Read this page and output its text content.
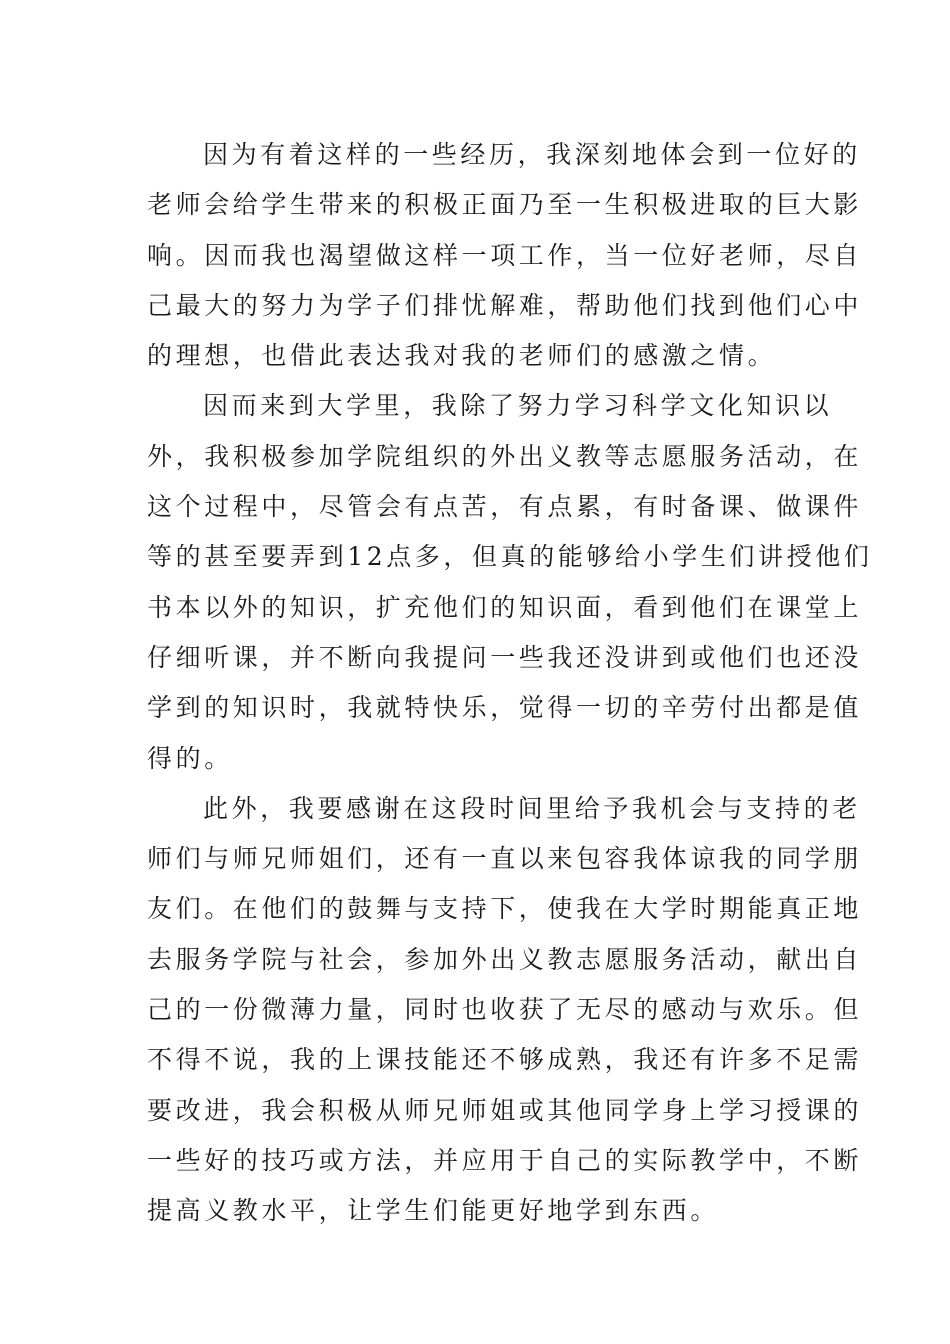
因为有着这样的一些经历，我深刻地体会到一位好的
老师会给学生带来的积极正面乃至一生积极进取的巨大影
响。因而我也渴望做这样一项工作，当一位好老师，尽自
己最大的努力为学子们排忧解难，帮助他们找到他们心中
的理想，也借此表达我对我的老师们的感激之情。
因而来到大学里，我除了努力学习科学文化知识以
外，我积极参加学院组织的外出义教等志愿服务活动，在
这个过程中，尽管会有点苦，有点累，有时备课、做课件
等的甚至要弄到12点多，但真的能够给小学生们讲授他们
书本以外的知识，扩充他们的知识面，看到他们在课堂上
仔细听课，并不断向我提问一些我还没讲到或他们也还没
学到的知识时，我就特快乐，觉得一切的辛劳付出都是值
得的。
此外，我要感谢在这段时间里给予我机会与支持的老
师们与师兄师姐们，还有一直以来包容我体谅我的同学朋
友们。在他们的鼓舞与支持下，使我在大学时期能真正地
去服务学院与社会，参加外出义教志愿服务活动，献出自
己的一份微薄力量，同时也收获了无尽的感动与欢乐。但
不得不说，我的上课技能还不够成熟，我还有许多不足需
要改进，我会积极从师兄师姐或其他同学身上学习授课的
一些好的技巧或方法，并应用于自己的实际教学中，不断
提高义教水平，让学生们能更好地学到东西。
